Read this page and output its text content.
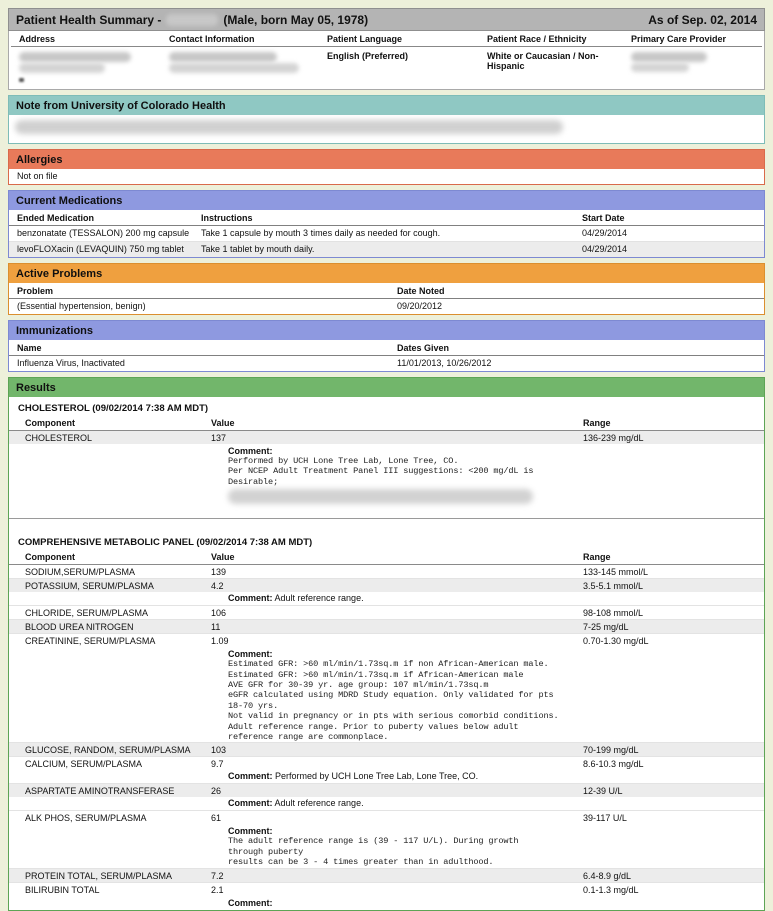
Patient Health Summary -	(Male, born May 05, 1978)	As of Sep. 02, 2014
Address	Contact Information	Patient Language	Patient Race / Ethnicity	Primary Care Provider
English (Preferred)	White or Caucasian / Non-Hispanic
Note from University of Colorado Health
Allergies
Not on file
Current Medications
Ended Medication	Instructions	Start Date
benzonatate (TESSALON) 200 mg capsule	Take 1 capsule by mouth 3 times daily as needed for cough.	04/29/2014
levoFLOXacin (LEVAQUIN) 750 mg tablet	Take 1 tablet by mouth daily.	04/29/2014
Active Problems
Problem	Date Noted
(Essential hypertension, benign)	09/20/2012
Immunizations
Name	Dates Given
Influenza Virus, Inactivated	11/01/2013, 10/26/2012
Results
CHOLESTEROL (09/02/2014 7:38 AM MDT)
Component	Value	Range
CHOLESTEROL	137	136-239 mg/dL
Comment:
Performed by UCH Lone Tree Lab, Lone Tree, CO.
Per NCEP Adult Treatment Panel III suggestions: <200 mg/dL is
Desirable;
COMPREHENSIVE METABOLIC PANEL (09/02/2014 7:38 AM MDT)
Component	Value	Range
SODIUM,SERUM/PLASMA	139	133-145 mmol/L
POTASSIUM, SERUM/PLASMA	4.2	3.5-5.1 mmol/L
Comment: Adult reference range.
CHLORIDE, SERUM/PLASMA	106	98-108 mmol/L
BLOOD UREA NITROGEN	11	7-25 mg/dL
CREATININE, SERUM/PLASMA	1.09	0.70-1.30 mg/dL
Comment:
Estimated GFR: >60 ml/min/1.73sq.m if non African-American male.
Estimated GFR: >60 ml/min/1.73sq.m if African-American male
AVE GFR for 30-39 yr. age group: 107 ml/min/1.73sq.m
eGFR calculated using MDRD Study equation. Only validated for pts
18-70 yrs.
Not valid in pregnancy or in pts with serious comorbid conditions.
Adult reference range. Prior to puberty values below adult
reference range are commonplace.
GLUCOSE, RANDOM, SERUM/PLASMA	103	70-199 mg/dL
CALCIUM, SERUM/PLASMA	9.7	8.6-10.3 mg/dL
Comment: Performed by UCH Lone Tree Lab, Lone Tree, CO.
ASPARTATE AMINOTRANSFERASE	26	12-39 U/L
Comment: Adult reference range.
ALK PHOS, SERUM/PLASMA	61	39-117 U/L
Comment:
The adult reference range is (39 - 117 U/L). During growth
through puberty
results can be 3 - 4 times greater than in adulthood.
PROTEIN TOTAL, SERUM/PLASMA	7.2	6.4-8.9 g/dL
BILIRUBIN TOTAL	2.1	0.1-1.3 mg/dL
Comment:
